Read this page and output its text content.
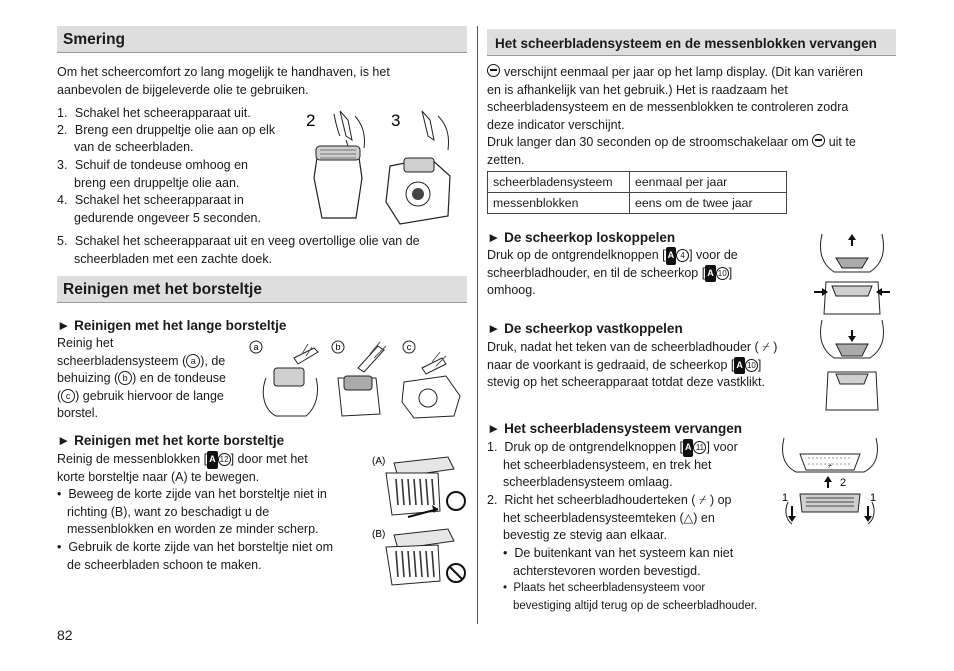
Smering
Om het scheercomfort zo lang mogelijk te handhaven, is het
aanbevolen de bijgeleverde olie te gebruiken.
1. Schakel het scheerapparaat uit.
2. Breng een druppeltje olie aan op elk
van de scheerbladen.
3. Schuif de tondeuse omhoog en
breng een druppeltje olie aan.
4. Schakel het scheerapparaat in
gedurende ongeveer 5 seconden.
5. Schakel het scheerapparaat uit en veeg overtollige olie van de
scheerbladen met een zachte doek.
2	3
Reinigen met het borsteltje
► Reinigen met het lange borsteltje
Reinig het
scheerbladensysteem ( a ), de
behuizing ( b ) en de tondeuse
( c ) gebruik hiervoor de lange
borstel.
a	b	c
► Reinigen met het korte borsteltje
Reinig de messenblokken [ A 12 ] door met het
korte borsteltje naar (A) te bewegen.
•  Beweeg de korte zijde van het borsteltje niet in
richting (B), want zo beschadigt u de
messenblokken en worden ze minder scherp.
•  Gebruik de korte zijde van het borsteltje niet om
de scheerbladen schoon te maken.
(A)
(B)
82
Het scheerbladensysteem en de messenblokken vervangen
verschijnt eenmaal per jaar op het lamp display. (Dit kan variëren
en is afhankelijk van het gebruik.) Het is raadzaam het
scheerbladensysteem en de messenblokken te controleren zodra
deze indicator verschijnt.
Druk langer dan 30 seconden op de stroomschakelaar om uit te
zetten.
scheerbladensysteem	eenmaal per jaar
messenblokken	eens om de twee jaar
► De scheerkop loskoppelen
Druk op de ontgrendelknoppen [ A 4 ] voor de
scheerbladhouder, en til de scheerkop [ A 10 ]
omhoog.
► De scheerkop vastkoppelen
Druk, nadat het teken van de scheerbladhouder ( ⌿ )
naar de voorkant is gedraaid, de scheerkop [ A 10 ]
stevig op het scheerapparaat totdat deze vastklikt.
► Het scheerbladensysteem vervangen
1.  Druk op de ontgrendelknoppen [ A 11 ] voor
het scheerbladensysteem, en trek het
scheerbladensysteem omlaag.
2.  Richt het scheerbladhouderteken ( ⌿ ) op
het scheerbladensysteemteken (△) en
bevestig ze stevig aan elkaar.
•  De buitenkant van het systeem kan niet
achterstevoren worden bevestigd.
•  Plaats het scheerbladensysteem voor
bevestiging altijd terug op de scheerbladhouder.
⌿
2
1	1
